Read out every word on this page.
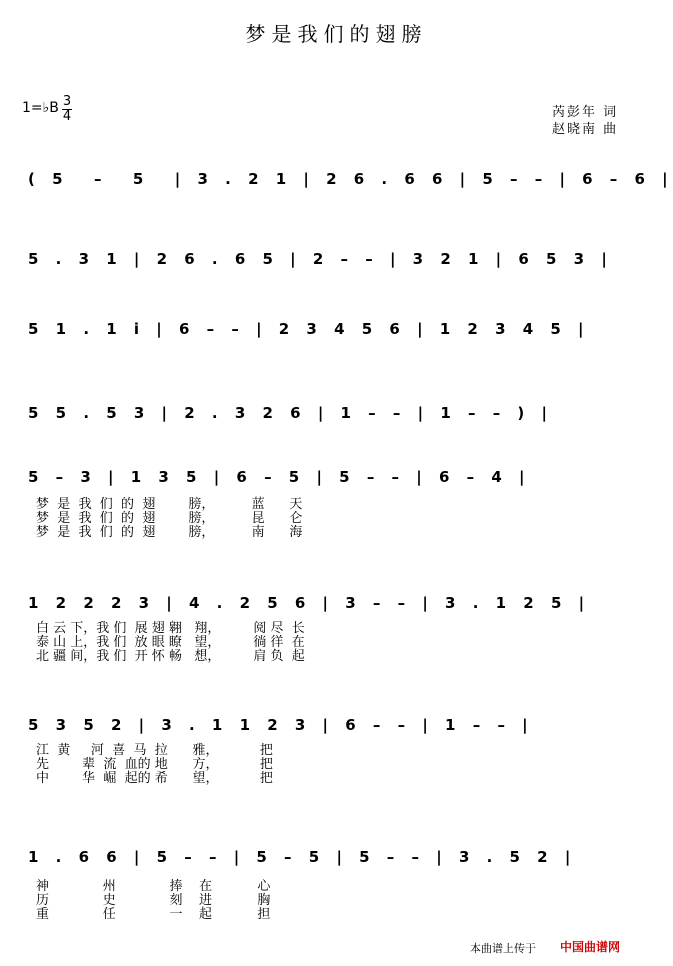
梦是我们的翅膀
1=♭B 3
4	芮彭年 词
赵晓南 曲
( 5  –  5  | 3 . 2 1 | 2 6 . 6 6 | 5 – – | 6 – 6 |
5 . 3 1 | 2 6 . 6 5 | 2 – – | 3 2 1 | 6 5 3 |
5 1 . 1 i | 6 – – | 2 3 4 5 6 | 1 2 3 4 5 |
5 5 . 5 3 | 2 . 3 2 6 | 1 – – | 1 – – ) |
5 – 3 | 1 3 5 | 6 – 5 | 5 – – | 6 – 4 |
1 2 2 2 3 | 4 . 2 5 6 | 3 – – | 3 . 1 2 5 |
5 3 5 2 | 3 . 1 1 2 3 | 6 – – | 1 – – |
1 . 6 6 | 5 – – | 5 – 5 | 5 – – | 3 . 5 2 |
梦  是  我  们  的  翅        膀，         蓝      天
梦  是  我  们  的  翅        膀，         昆      仑
梦  是  我  们  的  翅        膀，         南      海
白 云 下，我 们  展 翅 翱   翔，        阅 尽  长
泰 山 上，我 们  放 眼 瞭   望，        徜 徉  在
北 疆 间，我 们  开 怀 畅   想，        肩 负  起
江  黄     河  喜  马  拉      雅，          把
先        辈  流  血的 地      方，          把
中        华  崛  起的 希      望，          把
神             州             捧    在           心
历             史             刻    进           胸
重             任             一    起           担
本曲谱上传于 中国曲谱网
